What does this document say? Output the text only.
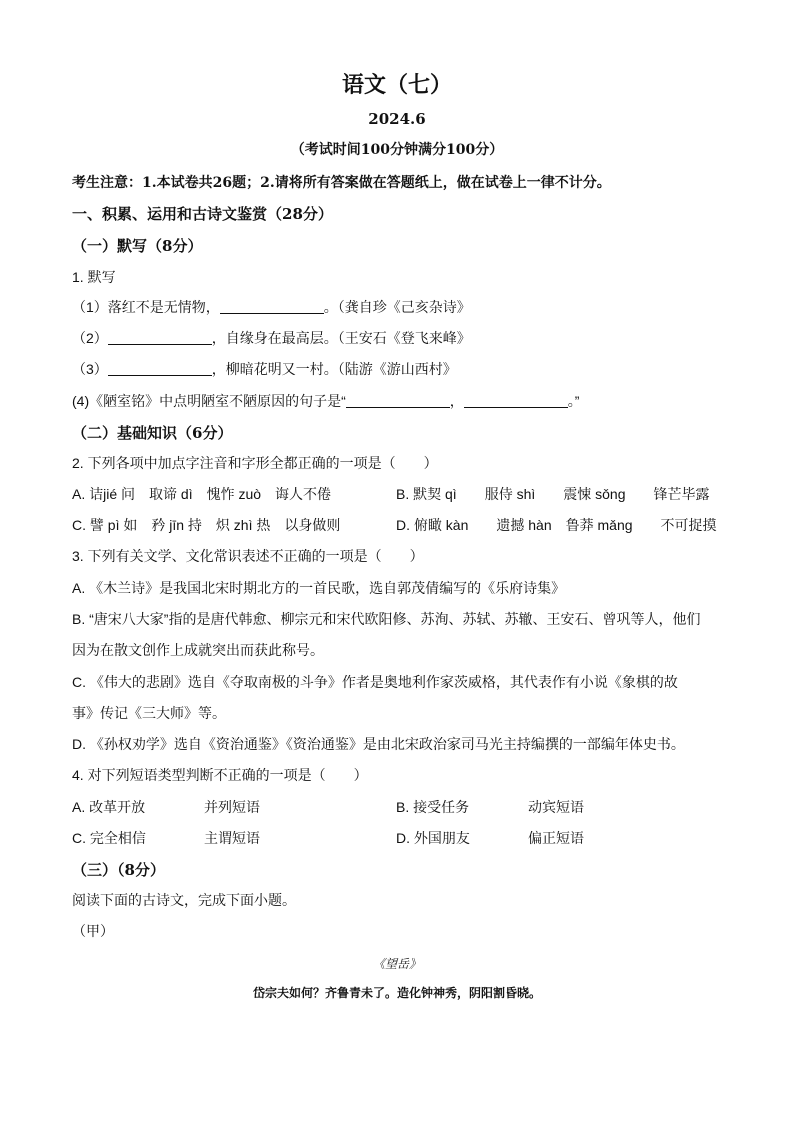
语文（七）
2024.6
（考试时间100分钟满分100分）
考生注意：1.本试卷共26题；2.请将所有答案做在答题纸上，做在试卷上一律不计分。
一、积累、运用和古诗文鉴赏（28分）
（一）默写（8分）
1. 默写
（1）落红不是无情物，	。（龚自珍《己亥杂诗》
（2）	，自缘身在最高层。（王安石《登飞来峰》
（3）	，柳暗花明又一村。（陆游《游山西村》
(4)《陋室铭》中点明陋室不陋原因的句子是“	，	。”
（二）基础知识（6分）
2. 下列各项中加点字注音和字形全都正确的一项是（　　）
A. 诘jié 问　取谛 dì　愧怍 zuò　诲人不倦	B. 默契 qì　　服侍 shì　　震悚 sǒng　　锋芒毕露
C. 譬 pì 如　矜 jīn 持　炽 zhì 热　以身做则	D. 俯瞰 kàn　　遗撼 hàn　鲁莽 mǎng　　不可捉摸
3. 下列有关文学、文化常识表述不正确的一项是（　　）
A. 《木兰诗》是我国北宋时期北方的一首民歌，选自郭茂倩编写的《乐府诗集》
B. “唐宋八大家”指的是唐代韩愈、柳宗元和宋代欧阳修、苏洵、苏轼、苏辙、王安石、曾巩等人，他们
因为在散文创作上成就突出而获此称号。
C. 《伟大的悲剧》选自《夺取南极的斗争》作者是奥地利作家茨威格，其代表作有小说《象棋的故
事》传记《三大师》等。
D. 《孙权劝学》选自《资治通鉴》《资治通鉴》是由北宋政治家司马光主持编撰的一部编年体史书。
4. 对下列短语类型判断不正确的一项是（　　）
A. 改革开放	并列短语	B. 接受任务	动宾短语
C. 完全相信	主谓短语	D. 外国朋友	偏正短语
（三）（8分）
阅读下面的古诗文，完成下面小题。
（甲）
《望岳》
岱宗夫如何？齐鲁青未了。造化钟神秀，阴阳割昏晓。
